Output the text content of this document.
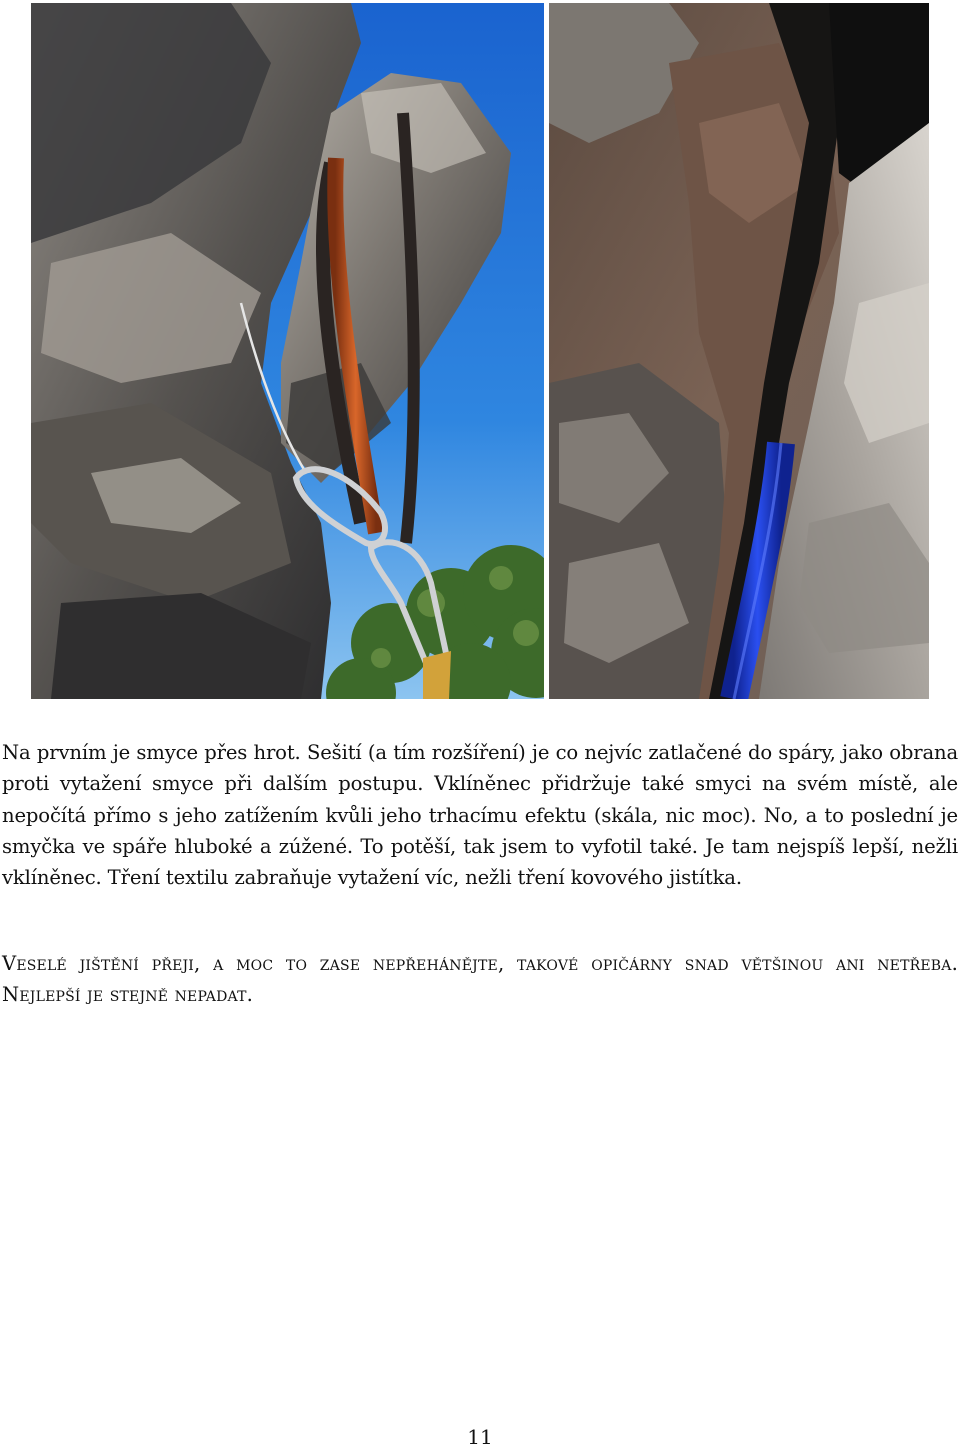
Na prvním je smyce přes hrot. Sešití (a tím rozšíření) je co nejvíc zatlačené do spáry, jako obrana proti vytažení smyce při dalším postupu. Vklíněnec přidržuje také smyci na svém místě, ale nepočítá přímo s jeho zatížením kvůli jeho trhacímu efektu (skála, nic moc). No, a to poslední je smyčka ve spáře hluboké a zúžené. To potěší, tak jsem to vyfotil také. Je tam nejspíš lepší, nežli vklíněnec. Tření textilu zabraňuje vytažení víc, nežli tření kovového jistítka.

Veselé jištění přeji, a moc to zase nepřehánějte, takové opičárny snad většinou ani netřeba. Nejlepší je stejně nepadat.

11
